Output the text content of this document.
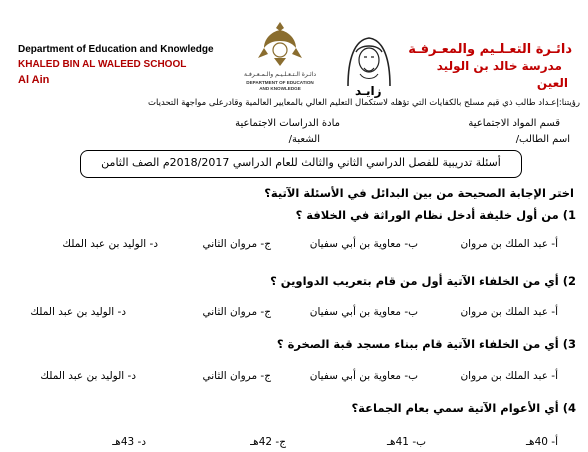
Department of Education and Knowledge
KHALED BIN AL WALEED SCHOOL
Al Ain	دائـرة الـتـعـلـيـم والـمـعـرفـة
DEPARTMENT OF EDUCATION
AND KNOWLEDGE	زايـد
دائـرة التعـلـيم والمعـرفـة
مدرسة خالد بن الوليد
العين
رؤيتنا:إعـداد طالب ذي قيم مسلح بالكفايات التي تؤهله لاستكمال التعليم العالي بالمعايير العالمية وقادرعلى مواجهة التحديات
قسم المواد الاجتماعية
مادة الدراسات الاجتماعية
اسم الطالب/
الشعبة/
أسئلة تدريبية للفصل الدراسي الثاني والثالث للعام الدراسي 2018/2017م الصف الثامن
اختر الإجابة الصحيحة من بين البدائل في الأسئلة الآتية؟
1) من أول خليفة أدخل نظام الوراثة في الخلافة ؟
أ- عبد الملك بن مروان
ب- معاوية بن أبي سفيان
ج- مروان الثاني
د- الوليد بن عبد الملك
2) أي من الخلفاء الآتية أول من قام بتعريب الدواوين ؟
أ- عبد الملك بن مروان
ب- معاوية بن أبي سفيان
ج- مروان الثاني
د- الوليد بن عبد الملك
3) أي من الخلفاء الآتية قام ببناء مسجد قبة الصخرة ؟
أ- عبد الملك بن مروان
ب- معاوية بن أبي سفيان
ج- مروان الثاني
د- الوليد بن عبد الملك
4) أي الأعوام الآتية سمي بعام الجماعة؟
أ- 40هـ
ب- 41هـ
ج- 42هـ
د- 43هـ
